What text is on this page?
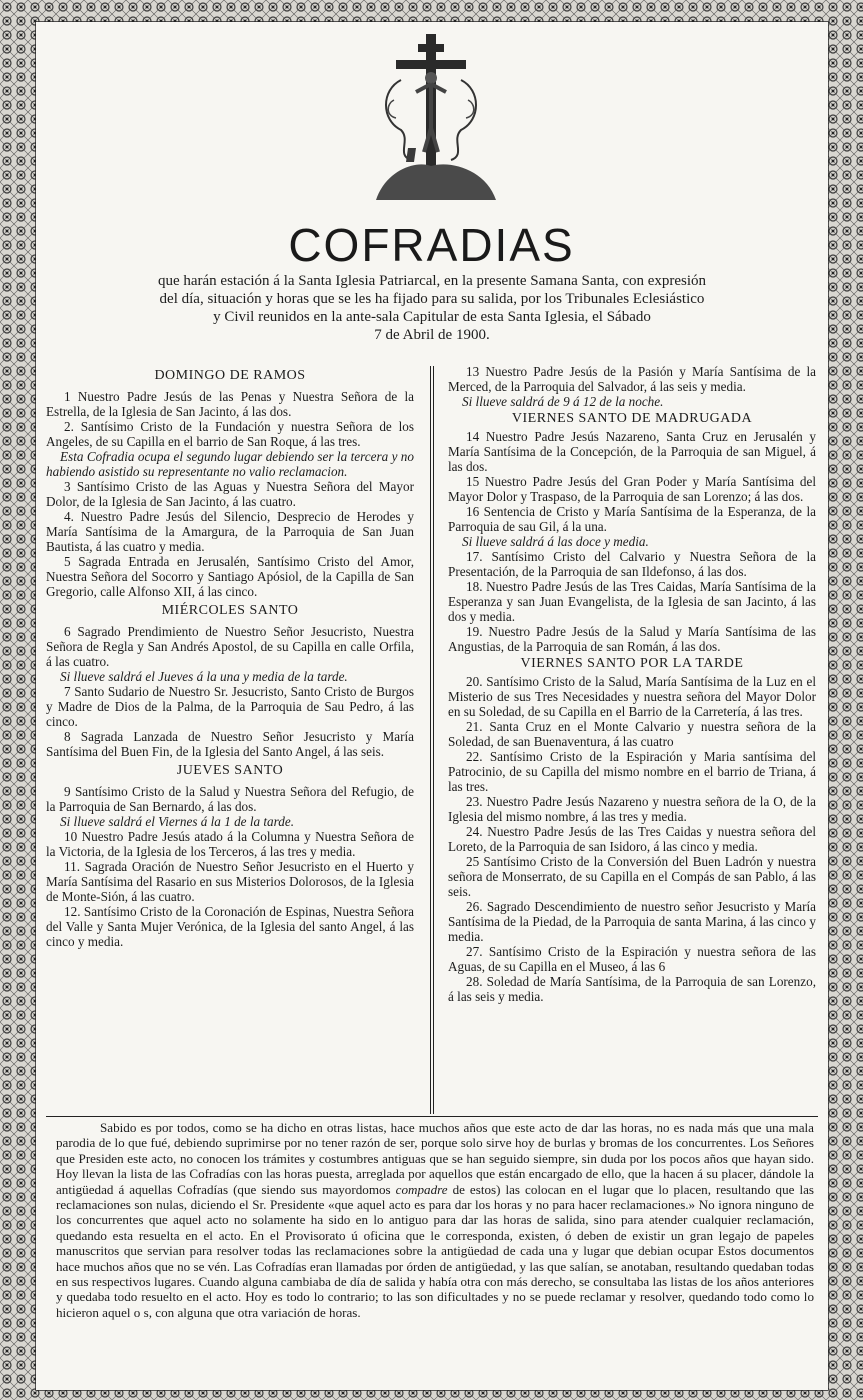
COFRADIAS
que harán estación á la Santa Iglesia Patriarcal, en la presente Samana Santa, con expresión
del día, situación y horas que se les ha fijado para su salida, por los Tribunales Eclesiástico
y Civil reunidos en la ante-sala Capitular de esta Santa Iglesia, el Sábado
7 de Abril de 1900.
DOMINGO DE RAMOS

1 Nuestro Padre Jesús de las Penas y Nuestra Señora de la Estrella, de la Iglesia de San Jacinto, á las dos.

2. Santísimo Cristo de la Fundación y nuestra Señora de los Angeles, de su Capilla en el barrio de San Roque, á las tres.

Esta Cofradia ocupa el segundo lugar debiendo ser la tercera y no habiendo asistido su representante no valio reclamacion.

3 Santísimo Cristo de las Aguas y Nuestra Señora del Mayor Dolor, de la Iglesia de San Jacinto, á las cuatro.

4. Nuestro Padre Jesús del Silencio, Desprecio de Herodes y María Santísima de la Amargura, de la Parroquia de San Juan Bautista, á las cuatro y media.

5 Sagrada Entrada en Jerusalén, Santísimo Cristo del Amor, Nuestra Señora del Socorro y Santiago Apósiol, de la Capilla de San Gregorio, calle Alfonso XII, á las cinco.

MIÉRCOLES SANTO

6 Sagrado Prendimiento de Nuestro Señor Jesucristo, Nuestra Señora de Regla y San Andrés Apostol, de su Capilla en calle Orfila, á las cuatro.

Si llueve saldrá el Jueves á la una y media de la tarde.

7 Santo Sudario de Nuestro Sr. Jesucristo, Santo Cristo de Burgos y Madre de Dios de la Palma, de la Parroquia de Sau Pedro, á las cinco.

8 Sagrada Lanzada de Nuestro Señor Jesucristo y María Santísima del Buen Fin, de la Iglesia del Santo Angel, á las seis.

JUEVES SANTO

9 Santísimo Cristo de la Salud y Nuestra Señora del Refugio, de la Parroquia de San Bernardo, á las dos.

Si llueve saldrá el Viernes á la 1 de la tarde.

10 Nuestro Padre Jesús atado á la Columna y Nuestra Señora de la Victoria, de la Iglesia de los Terceros, á las tres y media.

11. Sagrada Oración de Nuestro Señor Jesucristo en el Huerto y María Santísima del Rasario en sus Misterios Dolorosos, de la Iglesia de Monte-Sión, á las cuatro.

12. Santísimo Cristo de la Coronación de Espinas, Nuestra Señora del Valle y Santa Mujer Verónica, de la Iglesia del santo Angel, á las cinco y media.

13 Nuestro Padre Jesús de la Pasión y María Santísima de la Merced, de la Parroquia del Salvador, á las seis y media.

Si llueve saldrá de 9 á 12 de la noche.

VIERNES SANTO DE MADRUGADA

14 Nuestro Padre Jesús Nazareno, Santa Cruz en Jerusalén y María Santísima de la Concepción, de la Parroquia de san Miguel, á las dos.

15 Nuestro Padre Jesús del Gran Poder y María Santísima del Mayor Dolor y Traspaso, de la Parroquia de san Lorenzo; á las dos.

16 Sentencia de Cristo y María Santísima de la Esperanza, de la Parroquia de sau Gil, á la una.

Si llueve saldrá á las doce y media.

17. Santísimo Cristo del Calvario y Nuestra Señora de la Presentación, de la Parroquia de san Ildefonso, á las dos.

18. Nuestro Padre Jesús de las Tres Caidas, María Santísima de la Esperanza y san Juan Evangelista, de la Iglesia de san Jacinto, á las dos y media.

19. Nuestro Padre Jesús de la Salud y María Santísima de las Angustias, de la Parroquia de san Román, á las dos.

VIERNES SANTO POR LA TARDE

20. Santísimo Cristo de la Salud, María Santísima de la Luz en el Misterio de sus Tres Necesidades y nuestra señora del Mayor Dolor en su Soledad, de su Capilla en el Barrio de la Carretería, á las tres.

21. Santa Cruz en el Monte Calvario y nuestra señora de la Soledad, de san Buenaventura, á las cuatro

22. Santísimo Cristo de la Espiración y Maria santísima del Patrocinio, de su Capilla del mismo nombre en el barrio de Triana, á las tres.

23. Nuestro Padre Jesús Nazareno y nuestra señora de la O, de la Iglesia del mismo nombre, á las tres y media.

24. Nuestro Padre Jesús de las Tres Caidas y nuestra señora del Loreto, de la Parroquia de san Isidoro, á las cinco y media.

25 Santísimo Cristo de la Conversión del Buen Ladrón y nuestra señora de Monserrato, de su Capilla en el Compás de san Pablo, á las seis.

26. Sagrado Descendimiento de nuestro señor Jesucristo y María Santísima de la Piedad, de la Parroquia de santa Marina, á las cinco y media.

27. Santísimo Cristo de la Espiración y nuestra señora de las Aguas, de su Capilla en el Museo, á las 6

28. Soledad de María Santísima, de la Parroquia de san Lorenzo, á las seis y media.

Sabido es por todos, como se ha dicho en otras listas, hace muchos años que este acto de dar las horas, no es nada más que una mala parodia de lo que fué, debiendo suprimirse por no tener razón de ser, porque solo sirve hoy de burlas y bromas de los concurrentes. Los Señores que Presiden este acto, no conocen los trámites y costumbres antiguas que se han seguido siempre, sin duda por los pocos años que hayan sido. Hoy llevan la lista de las Cofradías con las horas puesta, arreglada por aquellos que están encargado de ello, que la hacen á su placer, dándole la antigüedad á aquellas Cofradías (que siendo sus mayordomos compadre de estos) las colocan en el lugar que lo placen, resultando que las reclamaciones son nulas, diciendo el Sr. Presidente «que aquel acto es para dar los horas y no para hacer reclamaciones.» No ignora ninguno de los concurrentes que aquel acto no solamente ha sido en lo antiguo para dar las horas de salida, sino para atender cualquier reclamación, quedando esta resuelta en el acto. En el Provisorato ú oficina que le corresponda, existen, ó deben de existir un gran legajo de papeles manuscritos que servian para resolver todas las reclamaciones sobre la antigüedad de cada una y lugar que debian ocupar Estos documentos hace muchos años que no se vén. Las Cofradías eran llamadas por órden de antigüedad, y las que salían, se anotaban, resultando quedaban todas en sus respectivos lugares. Cuando alguna cambiaba de día de salida y había otra con más derecho, se consultaba las listas de los años anteriores y quedaba todo resuelto en el acto. Hoy es todo lo contrario; to las son dificultades y no se puede reclamar y resolver, quedando todo como lo hicieron aquel o s, con alguna que otra variación de horas.
